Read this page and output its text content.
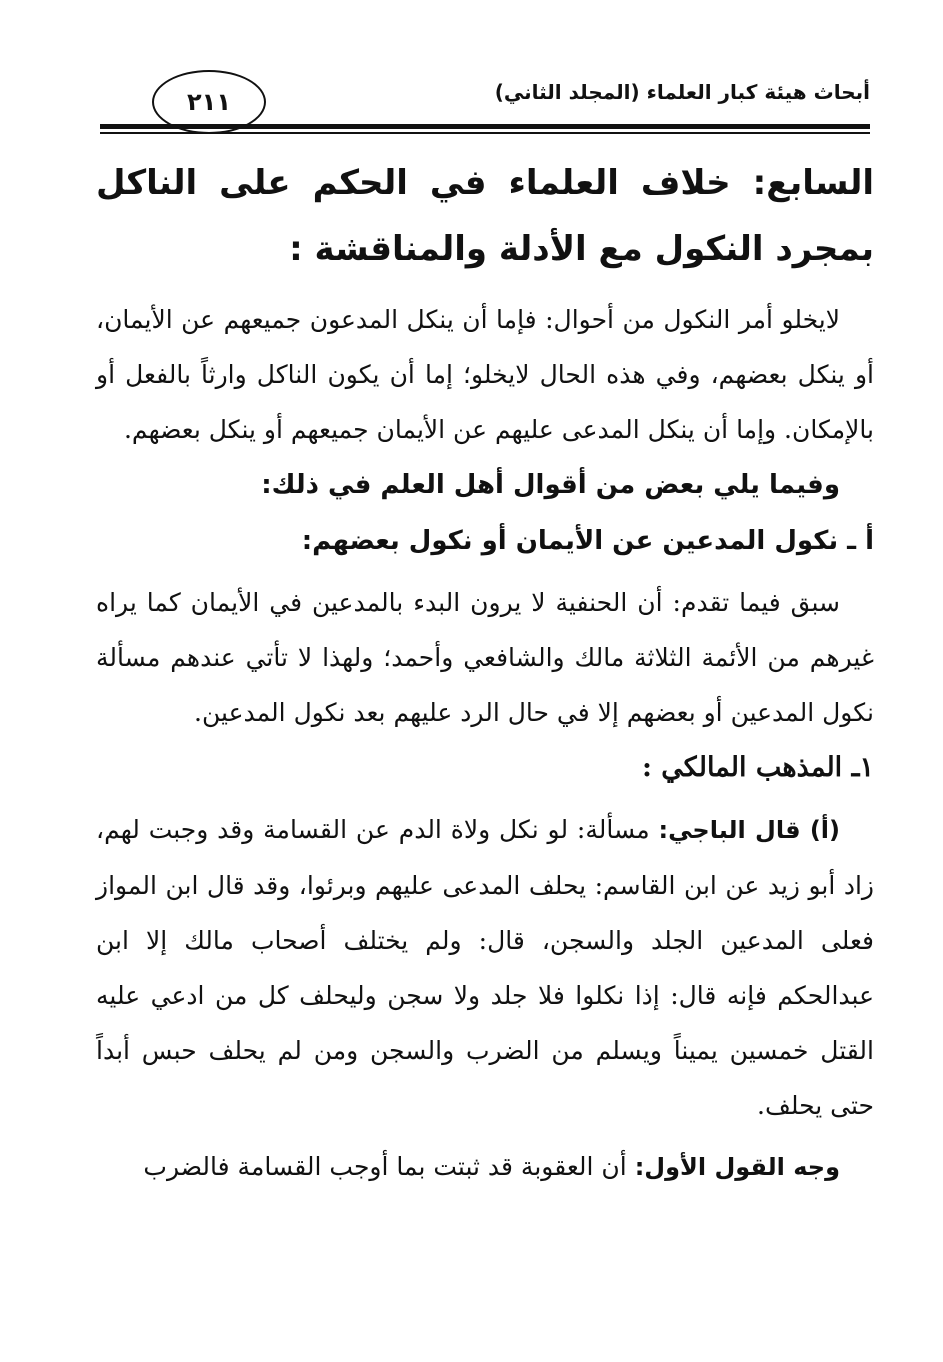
أبحاث هيئة كبار العلماء (المجلد الثاني)
٢١١
السابع: خلاف العلماء في الحكم على الناكل بمجرد النكول مع الأدلة والمناقشة :

لايخلو أمر النكول من أحوال: فإما أن ينكل المدعون جميعهم عن الأيمان، أو ينكل بعضهم، وفي هذه الحال لايخلو؛ إما أن يكون الناكل وارثاً بالفعل أو بالإمكان. وإما أن ينكل المدعى عليهم عن الأيمان جميعهم أو ينكل بعضهم.

وفيما يلي بعض من أقوال أهل العلم في ذلك:

أ ـ نكول المدعين عن الأيمان أو نكول بعضهم:

سبق فيما تقدم: أن الحنفية لا يرون البدء بالمدعين في الأيمان كما يراه غيرهم من الأئمة الثلاثة مالك والشافعي وأحمد؛ ولهذا لا تأتي عندهم مسألة نكول المدعين أو بعضهم إلا في حال الرد عليهم بعد نكول المدعين.

١ـ المذهب المالكي :

(أ) قال الباجي: مسألة: لو نكل ولاة الدم عن القسامة وقد وجبت لهم، زاد أبو زيد عن ابن القاسم: يحلف المدعى عليهم وبرئوا، وقد قال ابن المواز فعلى المدعين الجلد والسجن، قال: ولم يختلف أصحاب مالك إلا ابن عبدالحكم فإنه قال: إذا نكلوا فلا جلد ولا سجن وليحلف كل من ادعي عليه القتل خمسين يميناً ويسلم من الضرب والسجن ومن لم يحلف حبس أبداً حتى يحلف.

وجه القول الأول: أن العقوبة قد ثبتت بما أوجب القسامة فالضرب
